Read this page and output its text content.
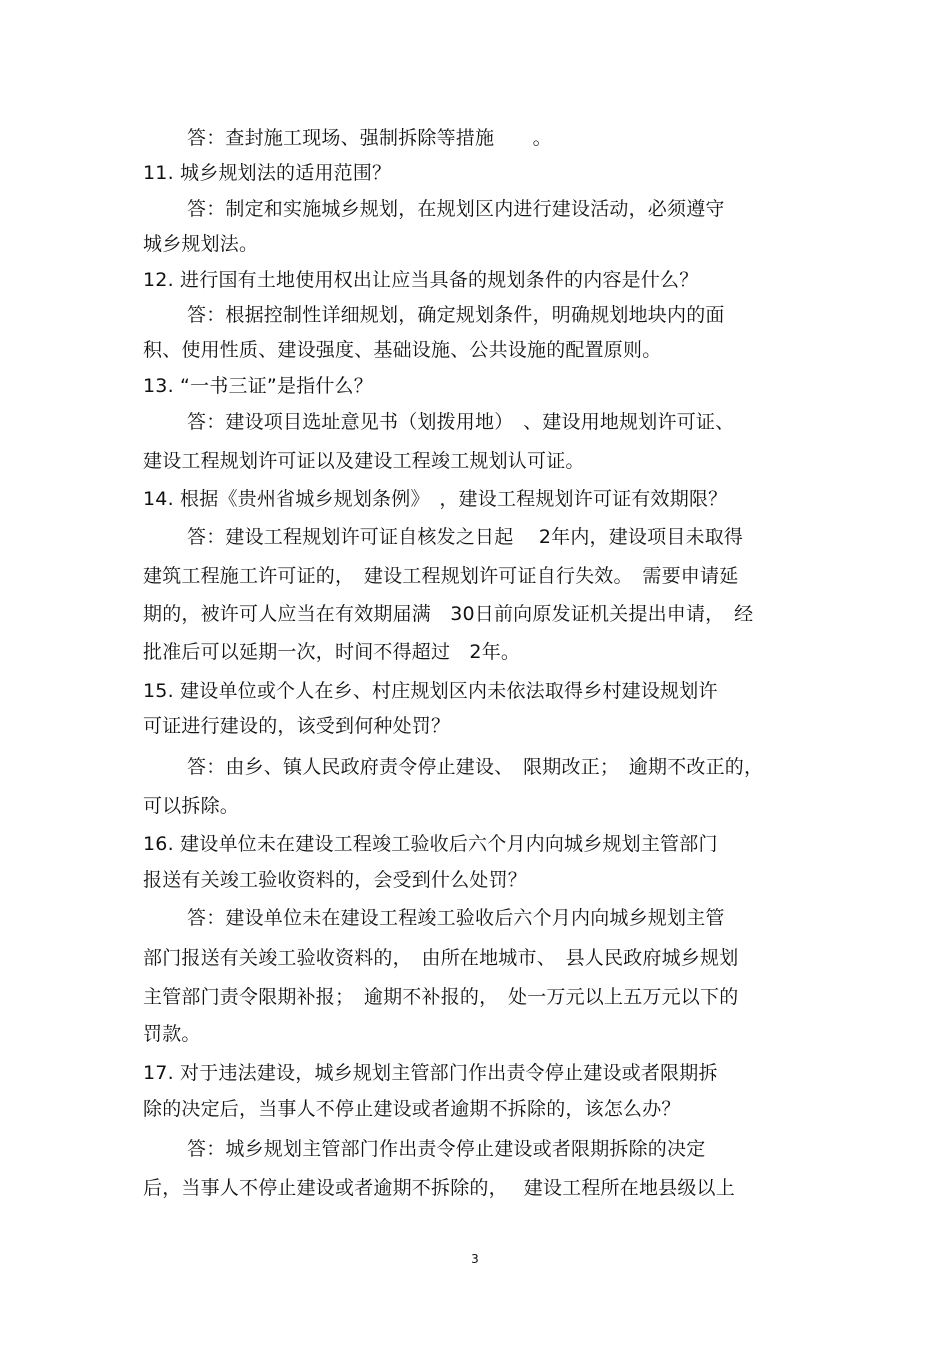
答：查封施工现场、强制拆除等措施　　。
11. 城乡规划法的适用范围？
答：制定和实施城乡规划，在规划区内进行建设活动，必须遵守
城乡规划法。
12. 进行国有土地使用权出让应当具备的规划条件的内容是什么？
答：根据控制性详细规划，确定规划条件，明确规划地块内的面
积、使用性质、建设强度、基础设施、公共设施的配置原则。
13. “一书三证”是指什么？
答：建设项目选址意见书（划拨用地）　、建设用地规划许可证、
建设工程规划许可证以及建设工程竣工规划认可证。
14. 根据《贵州省城乡规划条例》　，建设工程规划许可证有效期限？
答：建设工程规划许可证自核发之日起　 2年内，建设项目未取得
建筑工程施工许可证的，　建设工程规划许可证自行失效。　需要申请延
期的，被许可人应当在有效期届满　30日前向原发证机关提出申请，　经
批准后可以延期一次，时间不得超过　2年。
15. 建设单位或个人在乡、村庄规划区内未依法取得乡村建设规划许
可证进行建设的，该受到何种处罚？
答：由乡、镇人民政府责令停止建设、　限期改正；　逾期不改正的，
可以拆除。
16. 建设单位未在建设工程竣工验收后六个月内向城乡规划主管部门
报送有关竣工验收资料的，会受到什么处罚？
答：建设单位未在建设工程竣工验收后六个月内向城乡规划主管
部门报送有关竣工验收资料的，　由所在地城市、　县人民政府城乡规划
主管部门责令限期补报；　逾期不补报的，　处一万元以上五万元以下的
罚款。
17. 对于违法建设，城乡规划主管部门作出责令停止建设或者限期拆
除的决定后，当事人不停止建设或者逾期不拆除的，该怎么办？
答：城乡规划主管部门作出责令停止建设或者限期拆除的决定
后，当事人不停止建设或者逾期不拆除的，　 建设工程所在地县级以上
3
